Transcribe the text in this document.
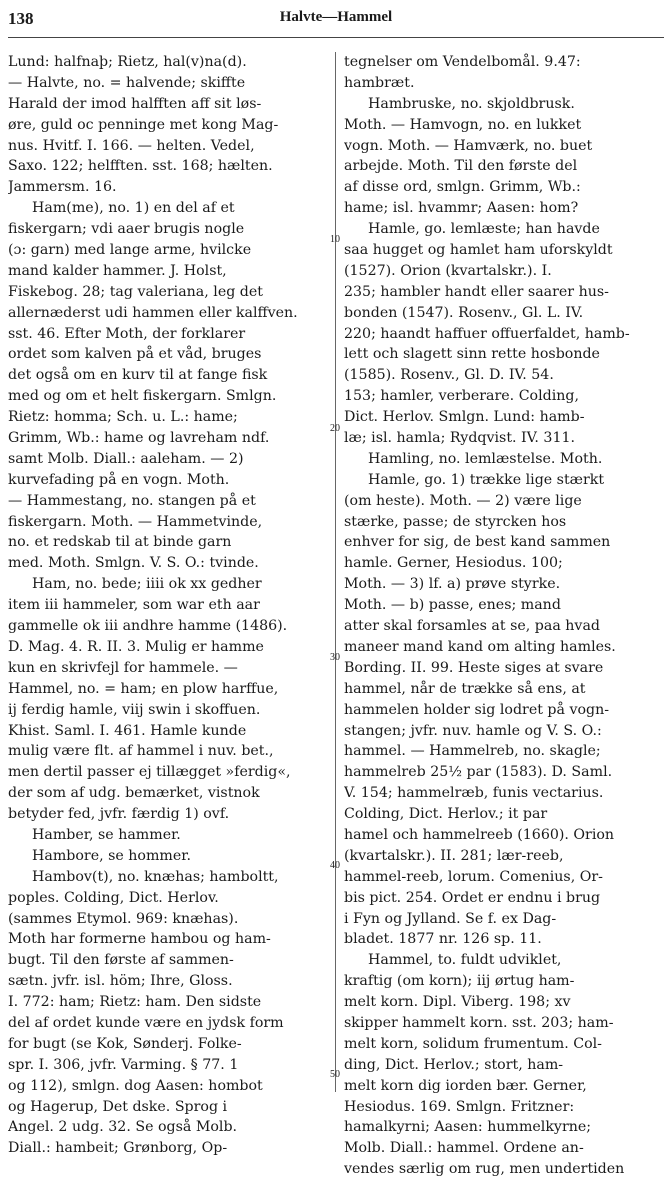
138	Halvte—Hammel
Lund: halfnaþ; Rietz, hal(v)na(d).
— Halvte, no. = halvende; skiffte
Harald der imod halfften aff sit løs-
øre, guld oc penninge met kong Mag-
nus. Hvitf. I. 166. — helten. Vedel,
Saxo. 122; helfften. sst. 168; hælten.
Jammersm. 16.
Ham(me), no. 1) en del af et
fiskergarn; vdi aaer brugis nogle
(ɔ: garn) med lange arme, hvilcke
mand kalder hammer. J. Holst,
Fiskebog. 28; tag valeriana, leg det
allernæderst udi hammen eller kalffven.
sst. 46. Efter Moth, der forklarer
ordet som kalven på et våd, bruges
det også om en kurv til at fange fisk
med og om et helt fiskergarn. Smlgn.
Rietz: homma; Sch. u. L.: hame;
Grimm, Wb.: hame og lavreham ndf.
samt Molb. Diall.: aaleham. — 2)
kurvefading på en vogn. Moth.
— Hammestang, no. stangen på et
fiskergarn. Moth. — Hammetvinde,
no. et redskab til at binde garn
med. Moth. Smlgn. V. S. O.: tvinde.
Ham, no. bede; iiii ok xx gedher
item iii hammeler, som war eth aar
gammelle ok iii andhre hamme (1486).
D. Mag. 4. R. II. 3. Mulig er hamme
kun en skrivfejl for hammele. —
Hammel, no. = ham; en plow harffue,
ij ferdig hamle, viij swin i skoffuen.
Khist. Saml. I. 461. Hamle kunde
mulig være flt. af hammel i nuv. bet.,
men dertil passer ej tillægget »ferdig«,
der som af udg. bemærket, vistnok
betyder fed, jvfr. færdig 1) ovf.
Hamber, se hammer.
Hambore, se hommer.
Hambov(t), no. knæhas; hamboltt,
poples. Colding, Dict. Herlov.
(sammes Etymol. 969: knæhas).
Moth har formerne hambou og ham-
bugt. Til den første af sammen-
sætn. jvfr. isl. höm; Ihre, Gloss.
I. 772: ham; Rietz: ham. Den sidste
del af ordet kunde være en jydsk form
for bugt (se Kok, Sønderj. Folke-
spr. I. 306, jvfr. Varming. § 77. 1
og 112), smlgn. dog Aasen: hombot
og Hagerup, Det dske. Sprog i
Angel. 2 udg. 32. Se også Molb.
Diall.: hambeit; Grønborg, Op-
tegnelser om Vendelbomål. 9.47:
hambræt.
Hambruske, no. skjoldbrusk.
Moth. — Hamvogn, no. en lukket
vogn. Moth. — Hamværk, no. buet
arbejde. Moth. Til den første del
af disse ord, smlgn. Grimm, Wb.:
hame; isl. hvammr; Aasen: hom?
Hamle, go. lemlæste; han havde
saa hugget og hamlet ham uforskyldt
(1527). Orion (kvartalskr.). I.
235; hambler handt eller saarer hus-
bonden (1547). Rosenv., Gl. L. IV.
220; haandt haffuer offuerfaldet, hamb-
lett och slagett sinn rette hosbonde
(1585). Rosenv., Gl. D. IV. 54.
153; hamler, verberare. Colding,
Dict. Herlov. Smlgn. Lund: hamb-
læ; isl. hamla; Rydqvist. IV. 311.
Hamling, no. lemlæstelse. Moth.
Hamle, go. 1) trække lige stærkt
(om heste). Moth. — 2) være lige
stærke, passe; de styrcken hos
enhver for sig, de best kand sammen
hamle. Gerner, Hesiodus. 100;
Moth. — 3) lf. a) prøve styrke.
Moth. — b) passe, enes; mand
atter skal forsamles at se, paa hvad
maneer mand kand om alting hamles.
Bording. II. 99. Heste siges at svare
hammel, når de trække så ens, at
hammelen holder sig lodret på vogn-
stangen; jvfr. nuv. hamle og V. S. O.:
hammel. — Hammelreb, no. skagle;
hammelreb 25½ par (1583). D. Saml.
V. 154; hammelræb, funis vectarius.
Colding, Dict. Herlov.; it par
hamel och hammelreeb (1660). Orion
(kvartalskr.). II. 281; lær-reeb,
hammel-reeb, lorum. Comenius, Or-
bis pict. 254. Ordet er endnu i brug
i Fyn og Jylland. Se f. ex Dag-
bladet. 1877 nr. 126 sp. 11.
Hammel, to. fuldt udviklet,
kraftig (om korn); iij ørtug ham-
melt korn. Dipl. Viberg. 198; xv
skipper hammelt korn. sst. 203; ham-
melt korn, solidum frumentum. Col-
ding, Dict. Herlov.; stort, ham-
melt korn dig iorden bær. Gerner,
Hesiodus. 169. Smlgn. Fritzner:
hamalkyrni; Aasen: hummelkyrne;
Molb. Diall.: hammel. Ordene an-
vendes særlig om rug, men undertiden
10
20
30
40
50
